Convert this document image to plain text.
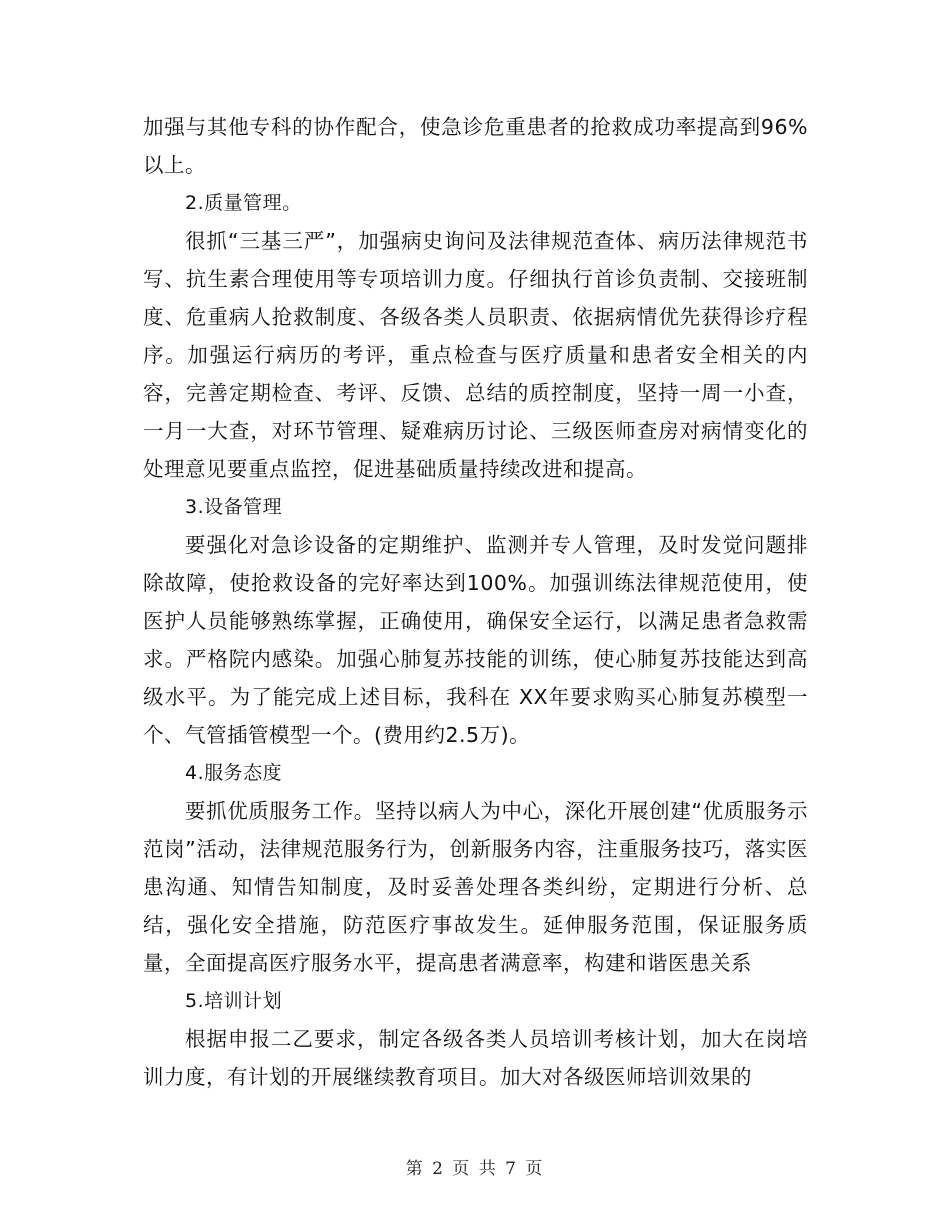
加强与其他专科的协作配合，使急诊危重患者的抢救成功率提高到96%以上。

2.质量管理。

很抓“三基三严”，加强病史询问及法律规范查体、病历法律规范书写、抗生素合理使用等专项培训力度。仔细执行首诊负责制、交接班制度、危重病人抢救制度、各级各类人员职责、依据病情优先获得诊疗程序。加强运行病历的考评，重点检查与医疗质量和患者安全相关的内容，完善定期检查、考评、反馈、总结的质控制度，坚持一周一小查，一月一大查，对环节管理、疑难病历讨论、三级医师查房对病情变化的处理意见要重点监控，促进基础质量持续改进和提高。

3.设备管理

要强化对急诊设备的定期维护、监测并专人管理，及时发觉问题排除故障，使抢救设备的完好率达到100%。加强训练法律规范使用，使医护人员能够熟练掌握，正确使用，确保安全运行，以满足患者急救需求。严格院内感染。加强心肺复苏技能的训练，使心肺复苏技能达到高级水平。为了能完成上述目标，我科在 XX年要求购买心肺复苏模型一个、气管插管模型一个。(费用约2.5万)。

4.服务态度

要抓优质服务工作。坚持以病人为中心，深化开展创建“优质服务示范岗”活动，法律规范服务行为，创新服务内容，注重服务技巧，落实医患沟通、知情告知制度，及时妥善处理各类纠纷，定期进行分析、总结，强化安全措施，防范医疗事故发生。延伸服务范围，保证服务质量，全面提高医疗服务水平，提高患者满意率，构建和谐医患关系

5.培训计划

根据申报二乙要求，制定各级各类人员培训考核计划，加大在岗培训力度，有计划的开展继续教育项目。加大对各级医师培训效果的

第 2 页 共 7 页
